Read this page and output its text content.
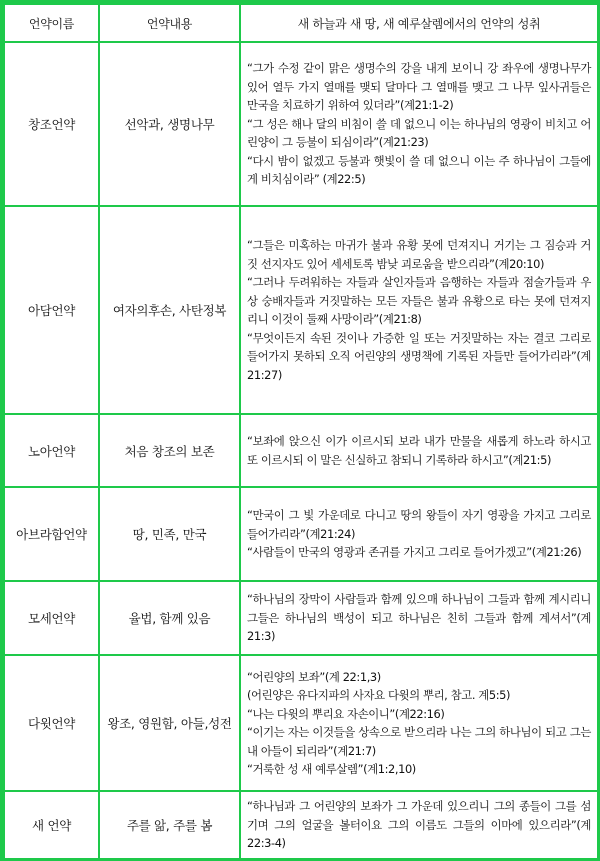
언약이름	언약내용	새 하늘과 새 땅, 새 예루살렘에서의 언약의 성취
창조언약	선악과, 생명나무	“그가 수정 같이 맑은 생명수의 강을 내게 보이니 강 좌우에 생명나무가 있어 열두 가지 열매를 맺되 달마다 그 열매를 맺고 그 나무 잎사귀들은 만국을 치료하기 위하여 있더라”(계21:1-2)

“그 성은 해나 달의 비침이 쓸 데 없으니 이는 하나님의 영광이 비치고 어린양이 그 등불이 되심이라”(계21:23)

“다시 밤이 없겠고 등불과 햇빛이 쓸 데 없으니 이는 주 하나님이 그들에게 비치심이라” (계22:5)

아담언약	여자의후손, 사탄정복	“그들은 미혹하는 마귀가 불과 유황 못에 던져지니 거기는 그 짐승과 거짓 선지자도 있어 세세토록 밤낮 괴로움을 받으리라”(계20:10)

“그러나 두려워하는 자들과 살인자들과 음행하는 자들과 점술가들과 우상 숭배자들과 거짓말하는 모든 자들은 불과 유황으로 타는 못에 던져지리니 이것이 둘째 사망이라”(계21:8)

“무엇이든지 속된 것이나 가증한 일 또는 거짓말하는 자는 결코 그리로 들어가지 못하되 오직 어린양의 생명책에 기록된 자들만 들어가리라”(계21:27)

노아언약	처음 창조의 보존	“보좌에 앉으신 이가 이르시되 보라 내가 만물을 새롭게 하노라 하시고 또 이르시되 이 말은 신실하고 참되니 기록하라 하시고”(계21:5)

아브라함언약	땅, 민족, 만국	“만국이 그 빛 가운데로 다니고 땅의 왕들이 자기 영광을 가지고 그리로 들어가리라”(계21:24)

“사람들이 만국의 영광과 존귀를 가지고 그리로 들어가겠고”(계21:26)

모세언약	율법, 함께 있음	“하나님의 장막이 사람들과 함께 있으매 하나님이 그들과 함께 계시리니 그들은 하나님의 백성이 되고 하나님은 친히 그들과 함께 계셔서”(계21:3)

다윗언약	왕조, 영원함, 아들,성전	“어린양의 보좌”(계 22:1,3)

(어린양은 유다지파의 사자요 다윗의 뿌리, 참고. 계5:5)

“나는 다윗의 뿌리요 자손이니”(계22:16)

“이기는 자는 이것들을 상속으로 받으리라 나는 그의 하나님이 되고 그는 내 아들이 되리라”(계21:7)

“거룩한 성 새 예루살렘”(계1:2,10)

새 언약	주를 앎, 주를 봄	“하나님과 그 어린양의 보좌가 그 가운데 있으리니 그의 종들이 그를 섬기며 그의 얼굴을 볼터이요 그의 이름도 그들의 이마에 있으리라”(계22:3-4)
